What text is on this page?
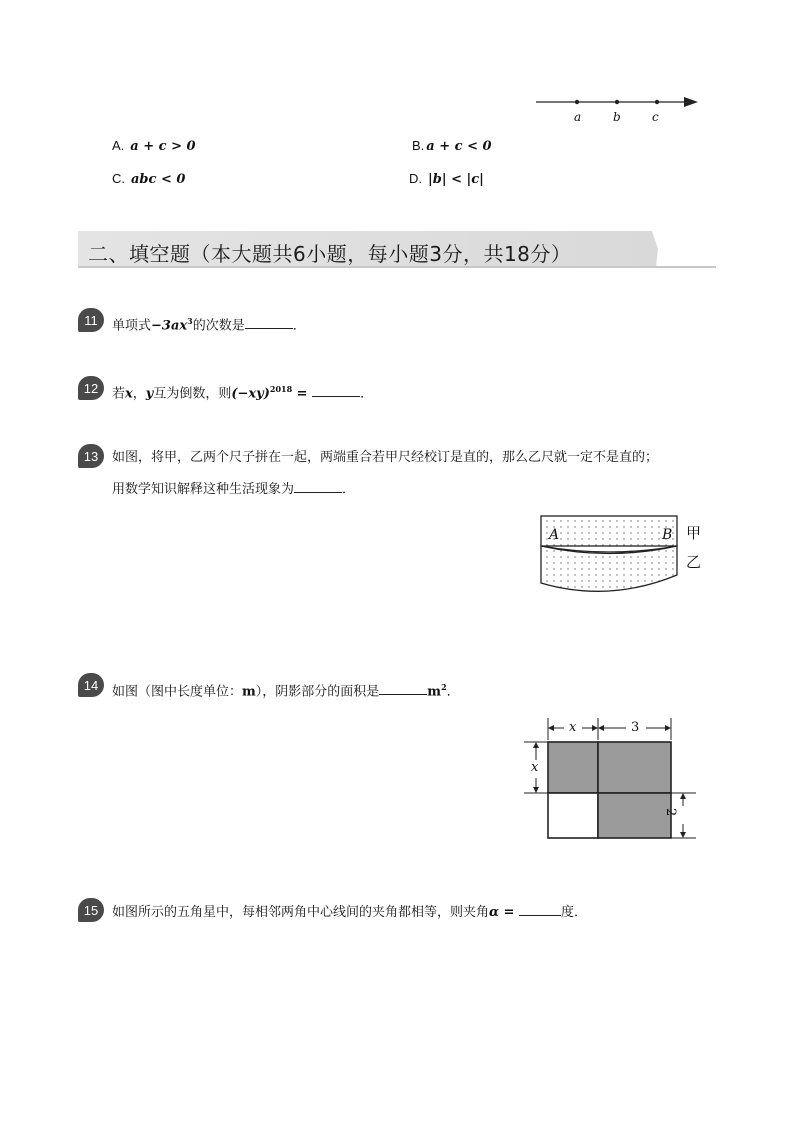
a	b	c
A. a + c > 0	B. a + c < 0
C. abc < 0	D. |b| < |c|
二、填空题（本大题共6小题，每小题3分，共18分）
11	单项式$-3ax^3$的次数是	．
12	若x，y互为倒数，则$(-xy)^{2018}$ =	．
13	如图，将甲，乙两个尺子拼在一起，两端重合若甲尺经校订是直的，那么乙尺就一定不是直的；
用数学知识解释这种生活现象为	．
A	B 甲
乙
14	如图（图中长度单位：m），阴影部分的面积是	$m^2$．
x	3
x
2
15	如图所示的五角星中，每相邻两角中心线间的夹角都相等，则夹角α =	度．
